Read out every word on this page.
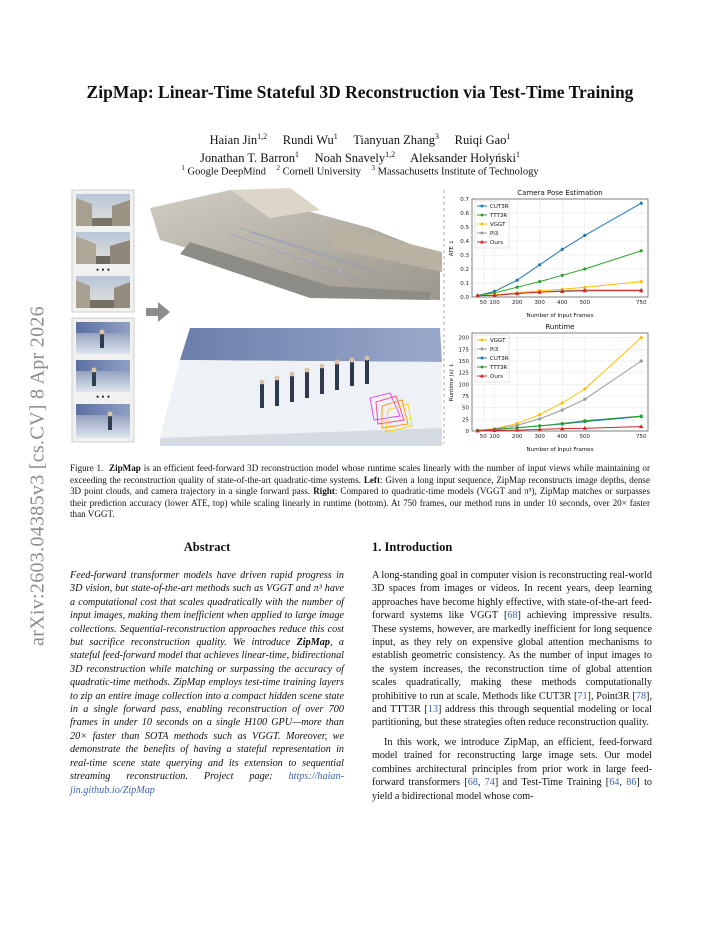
arXiv:2603.04385v3 [cs.CV] 8 Apr 2026
ZipMap: Linear-Time Stateful 3D Reconstruction via Test-Time Training
Haian Jin$^{1,2}$ Rundi Wu$^1$ Tianyuan Zhang$^3$ Ruiqi Gao$^1$
Jonathan T. Barron$^1$ Noah Snavely$^{1,2}$ Aleksander Hołyński$^1$
$^1$ Google DeepMind $^2$ Cornell University $^3$ Massachusetts Institute of Technology
• • •
• • •
0.0
0.1
0.2
0.3
0.4
0.5
0.6
0.7
50 100 200 300 400 500	750
Camera Pose Estimation
Number of Input Frames
ATE ↓
CUT3R
TTT3R
VGGT
Pi3
Ours
0
25
50
75
100
125
150
175
200
50 100 200 300 400 500	750
Runtime
Number of Input Frames
Runtime (s) ↓
VGGT
Pi3
CUT3R
TTT3R
Ours
Figure 1. ZipMap is an efficient feed-forward 3D reconstruction model whose runtime scales linearly with the number of input views while maintaining or exceeding the reconstruction quality of state-of-the-art quadratic-time systems. Left: Given a long input sequence, ZipMap reconstructs image depths, dense 3D point clouds, and camera trajectory in a single forward pass. Right: Compared to quadratic-time models (VGGT and π³), ZipMap matches or surpasses their prediction accuracy (lower ATE, top) while scaling linearly in runtime (bottom). At 750 frames, our method runs in under 10 seconds, over 20× faster than VGGT.
Abstract
Feed-forward transformer models have driven rapid progress in 3D vision, but state-of-the-art methods such as VGGT and π³ have a computational cost that scales quadratically with the number of input images, making them inefficient when applied to large image collections. Sequential-reconstruction approaches reduce this cost but sacrifice reconstruction quality. We introduce ZipMap, a stateful feed-forward model that achieves linear-time, bidirectional 3D reconstruction while matching or surpassing the accuracy of quadratic-time methods. ZipMap employs test-time training layers to zip an entire image collection into a compact hidden scene state in a single forward pass, enabling reconstruction of over 700 frames in under 10 seconds on a single H100 GPU—more than 20× faster than SOTA methods such as VGGT. Moreover, we demonstrate the benefits of having a stateful representation in real-time scene state querying and its extension to sequential streaming reconstruction. Project page: https://haian-jin.github.io/ZipMap
1. Introduction

A long-standing goal in computer vision is reconstructing real-world 3D spaces from images or videos. In recent years, deep learning approaches have become highly effective, with state-of-the-art feed-forward systems like VGGT [68] achieving impressive results. These systems, however, are markedly inefficient for long sequence input, as they rely on expensive global attention mechanisms to establish geometric consistency. As the number of input images to the system increases, the reconstruction time of global attention scales quadratically, making these methods computationally prohibitive to run at scale. Methods like CUT3R [71], Point3R [78], and TTT3R [13] address this through sequential modeling or local partitioning, but these strategies often reduce reconstruction quality.

In this work, we introduce ZipMap, an efficient, feed-forward model trained for reconstructing large image sets. Our model combines architectural principles from prior work in large feed-forward transformers [68, 74] and Test-Time Training [64, 86] to yield a bidirectional model whose com-
